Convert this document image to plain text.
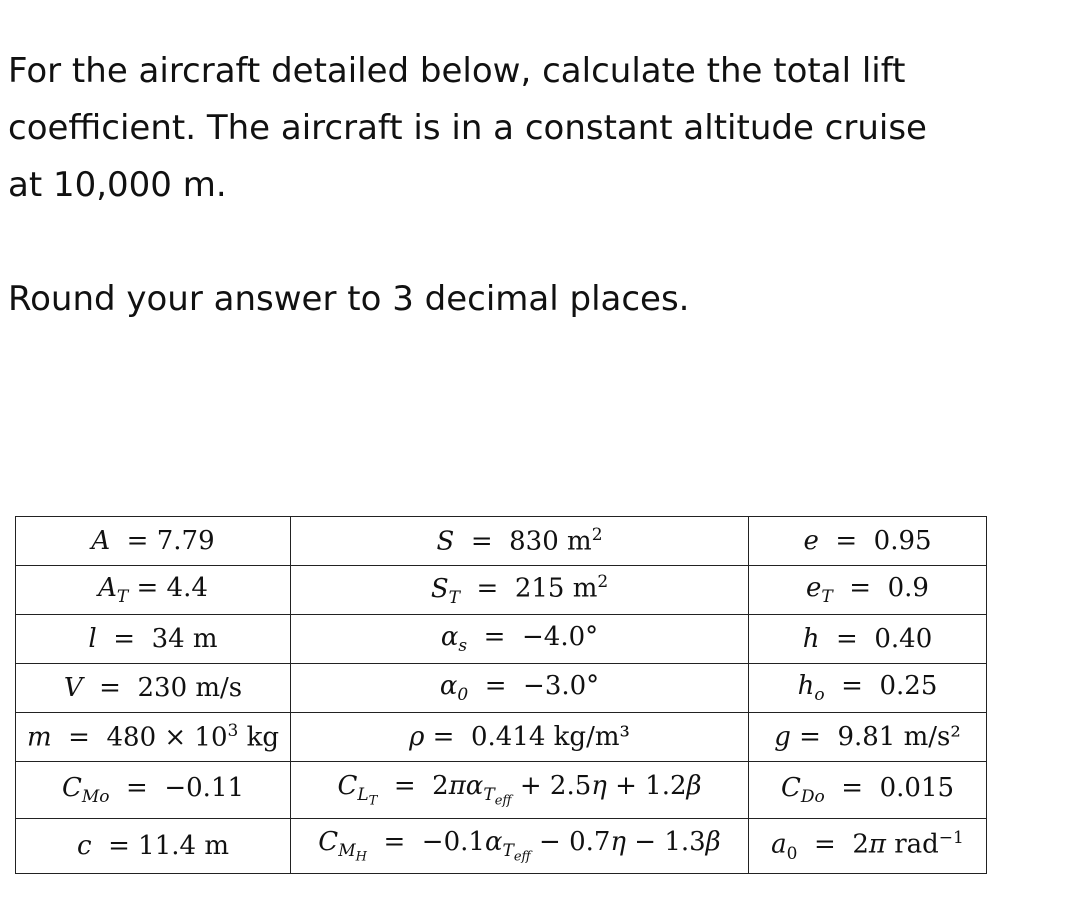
For the aircraft detailed below, calculate the total lift
coefficient. The aircraft is in a constant altitude cruise
at 10,000 m.
Round your answer to 3 decimal places.
A  = 7.79	S  =  830 $m^2$	e  =  0.95
$A_T = 4.4$	$S_T = 215$ $m^2$	$e_T = 0.9$
l  =  34 m	$\alpha_s = -4.0^\circ$	h  =  0.40
V  =  230 m/s	$\alpha_0 = -3.0^\circ$	$h_o = 0.25$
$m = 480 \times 10^3$ kg	ρ =  0.414 kg/m³	g =  9.81 m/s²
$C_{Mo} = -0.11$	$C_{L_T} = 2\pi\alpha_{T_{eff}} + 2.5\eta + 1.2\beta$	$C_{Do} = 0.015$
c  = 11.4 m	$C_{M_H} = -0.1\alpha_{T_{eff}} - 0.7\eta - 1.3\beta$	$a_0 = 2\pi$ rad$^{-1}$
